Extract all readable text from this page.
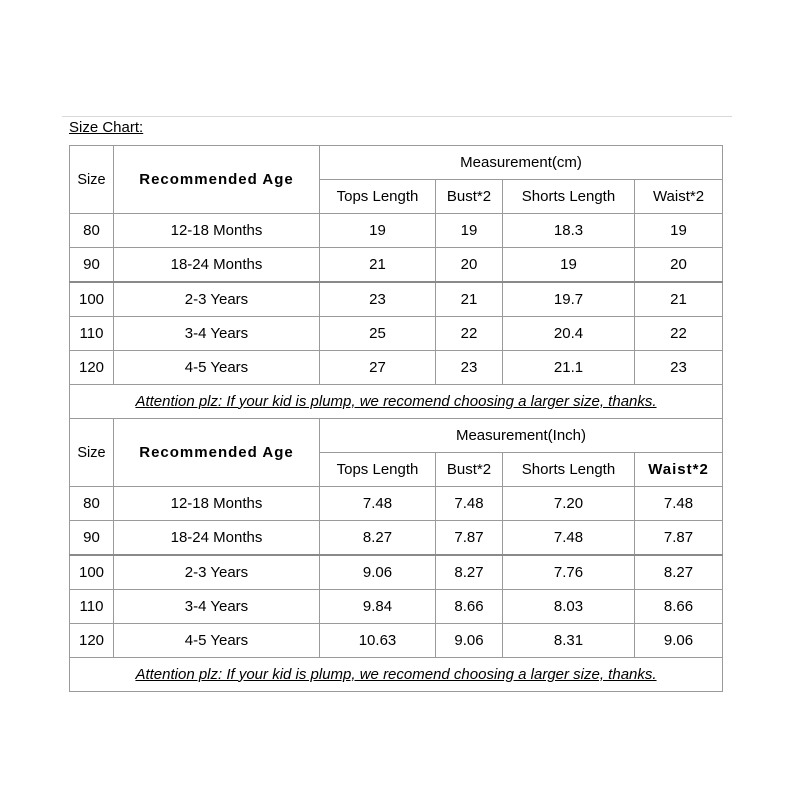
Size Chart:
Size	Recommended Age	Measurement(cm)			
		Tops Length	Bust*2	Shorts Length	Waist*2
80	12-18 Months	19	19	18.3	19
90	18-24 Months	21	20	19	20
100	2-3 Years	23	21	19.7	21
110	3-4 Years	25	22	20.4	22
120	4-5 Years	27	23	21.1	23
Attention plz: If your kid is plump, we recomend choosing a larger size, thanks.					
Size	Recommended Age	Measurement(Inch)			
		Tops Length	Bust*2	Shorts Length	Waist*2
80	12-18 Months	7.48	7.48	7.20	7.48
90	18-24 Months	8.27	7.87	7.48	7.87
100	2-3 Years	9.06	8.27	7.76	8.27
110	3-4 Years	9.84	8.66	8.03	8.66
120	4-5 Years	10.63	9.06	8.31	9.06
Attention plz: If your kid is plump, we recomend choosing a larger size, thanks.					
